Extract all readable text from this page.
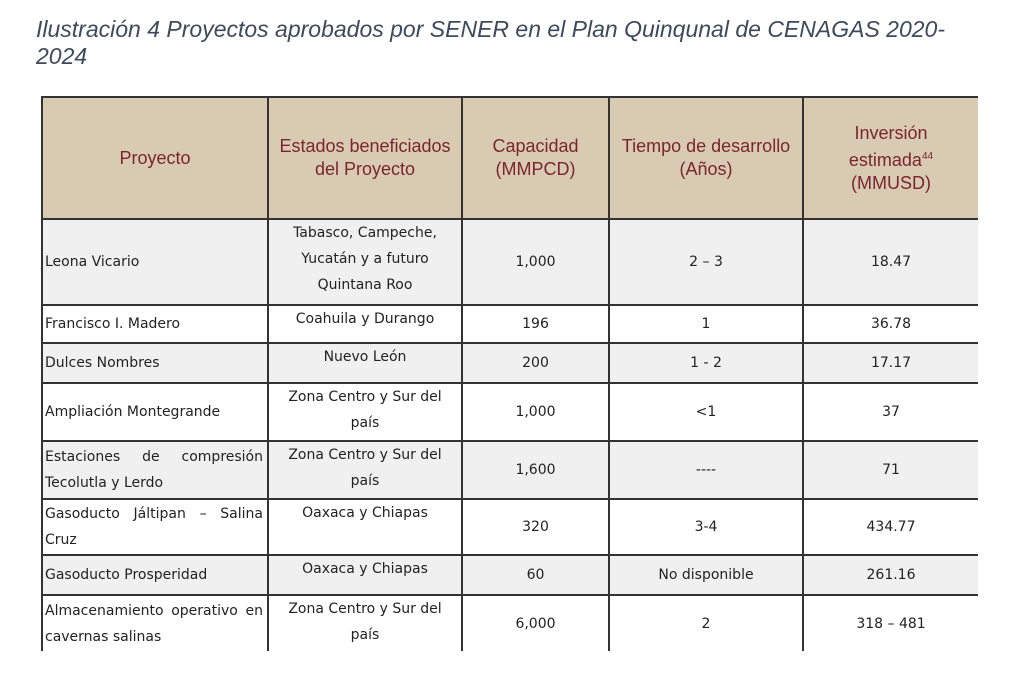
Ilustración 4 Proyectos aprobados por SENER en el Plan Quinqunal de CENAGAS 2020-2024
Proyecto	Estados beneficiados del Proyecto	Capacidad (MMPCD)	Tiempo de desarrollo (Años)	Inversión estimada$^{44}$
(MMUSD)
Leona Vicario	Tabasco, Campeche, Yucatán y a futuro Quintana Roo	1,000	2 – 3	18.47
Francisco I. Madero	Coahuila y Durango	196	1	36.78
Dulces Nombres	Nuevo León	200	1 - 2	17.17
Ampliación Montegrande	Zona Centro y Sur del país	1,000	<1	37
Estaciones de compresión Tecolutla y Lerdo	Zona Centro y Sur del país	1,600	----	71
Gasoducto Jáltipan – Salina Cruz	Oaxaca y Chiapas	320	3-4	434.77
Gasoducto Prosperidad	Oaxaca y Chiapas	60	No disponible	261.16
Almacenamiento operativo en cavernas salinas	Zona Centro y Sur del país	6,000	2	318 – 481
